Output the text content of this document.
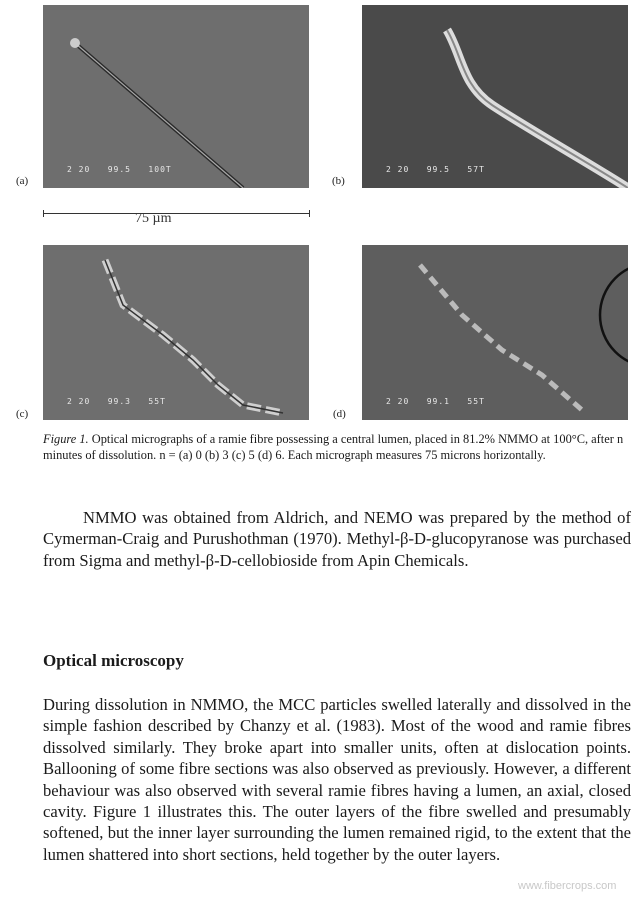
2 20   99.5   100T
(a)
2 20   99.5   57T
(b)
75 µm
2 20   99.3   55T
(c)
2 20   99.1   55T
(d)
Figure 1. Optical micrographs of a ramie fibre possessing a central lumen, placed in 81.2% NMMO at 100°C, after n minutes of dissolution. n = (a) 0 (b) 3 (c) 5 (d) 6. Each micrograph measures 75 microns horizontally.

NMMO was obtained from Aldrich, and NEMO was prepared by the method of Cymerman-Craig and Purushothman (1970). Methyl-β-D-glucopyranose was purchased from Sigma and methyl-β-D-cellobioside from Apin Chemicals.

Optical microscopy

During dissolution in NMMO, the MCC particles swelled laterally and dissolved in the simple fashion described by Chanzy et al. (1983). Most of the wood and ramie fibres dissolved similarly. They broke apart into smaller units, often at dislocation points. Ballooning of some fibre sections was also observed as previously. However, a different behaviour was also observed with several ramie fibres having a lumen, an axial, closed cavity. Figure 1 illustrates this. The outer layers of the fibre swelled and presumably softened, but the inner layer surrounding the lumen remained rigid, to the extent that the lumen shattered into short sections, held together by the outer layers.

www.fibercrops.com
